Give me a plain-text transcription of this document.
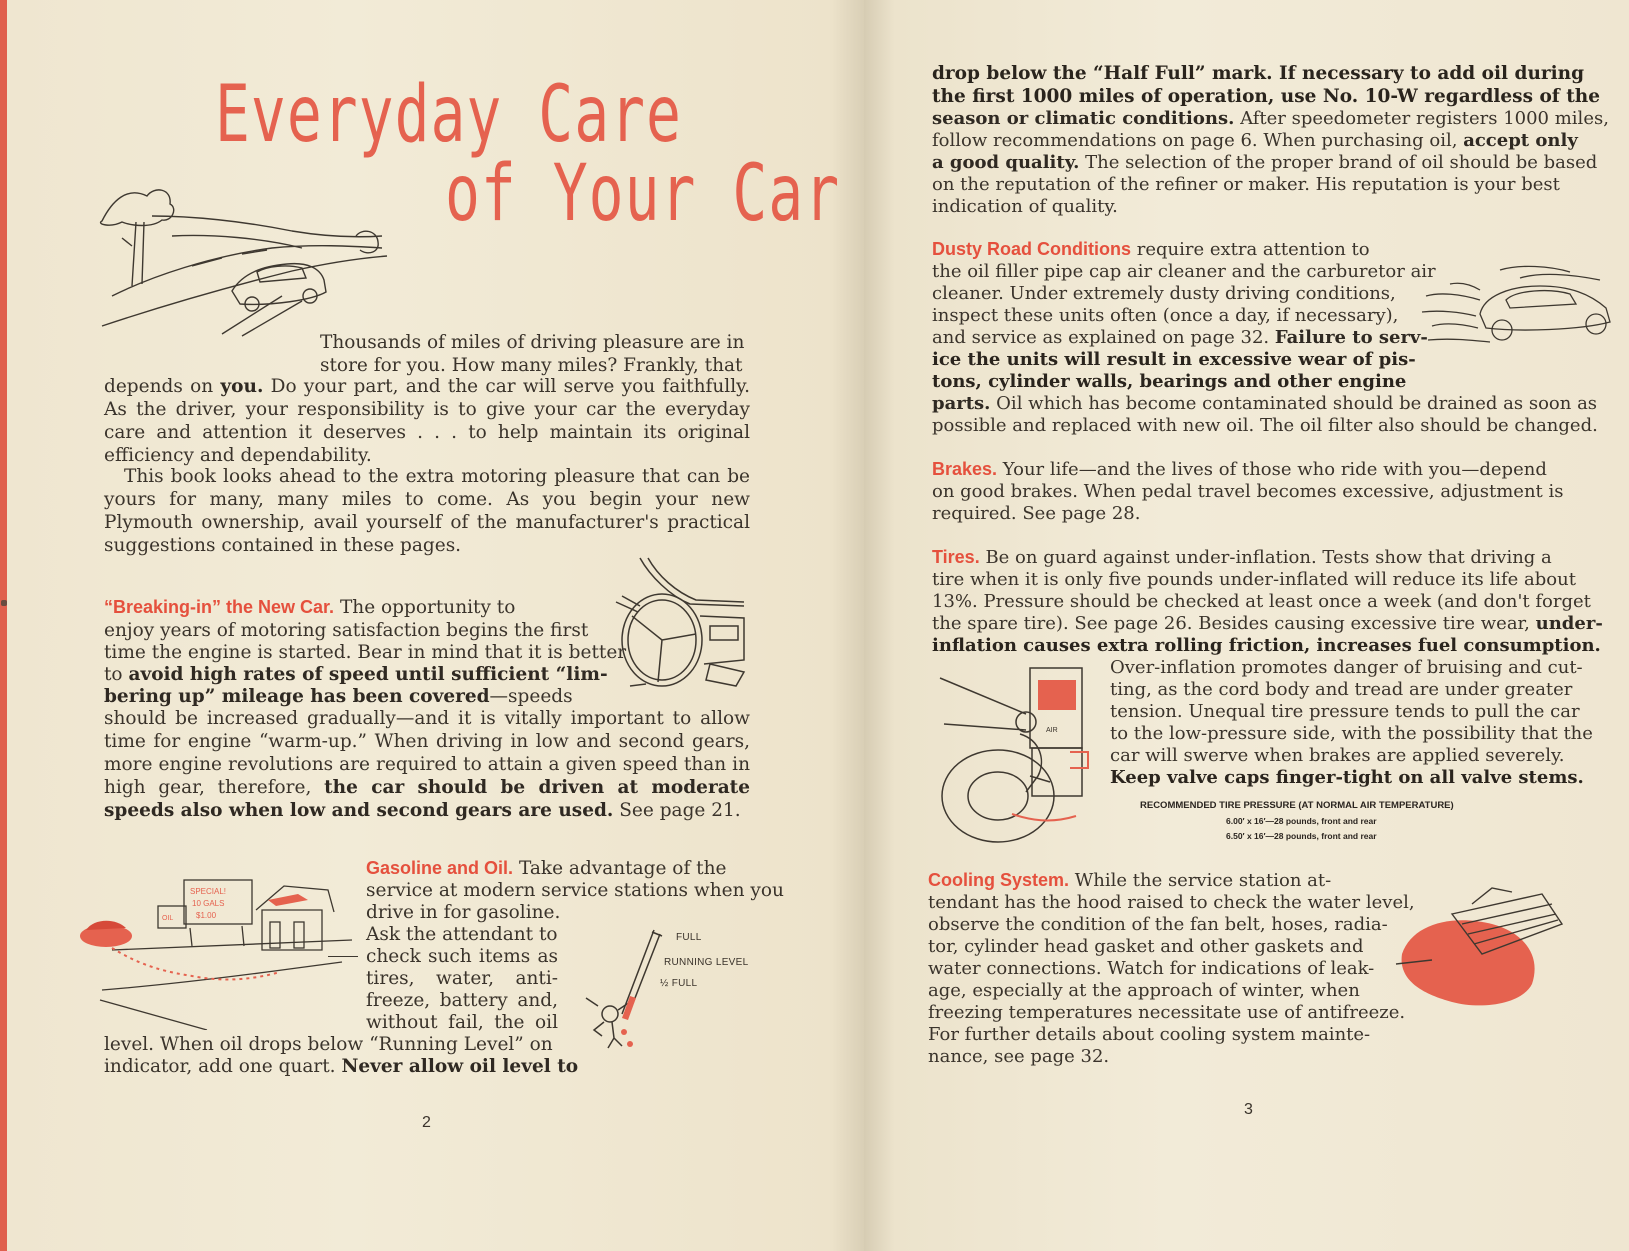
Everyday Care
of Your Car

Thousands of miles of driving pleasure are in

store for you. How many miles? Frankly, that

depends on you. Do your part, and the car will serve you faithfully. As the driver, your responsibility is to give your car the everyday care and attention it deserves . . . to help maintain its original efficiency and dependability.

This book looks ahead to the extra motoring pleasure that can be yours for many, many miles to come. As you begin your new Plymouth ownership, avail yourself of the manufacturer's practical suggestions contained in these pages.

“Breaking-in” the New Car. The opportunity to

enjoy years of motoring satisfaction begins the first

time the engine is started. Bear in mind that it is better

to avoid high rates of speed until sufficient “lim-

bering up” mileage has been covered—speeds

should be increased gradually—and it is vitally important to allow time for engine “warm-up.” When driving in low and second gears, more engine revolutions are required to attain a given speed than in high gear, therefore, the car should be driven at moderate speeds also when low and second gears are used. See page 21.

Gasoline and Oil. Take advantage of the

service at modern service stations when you

drive in for gasoline.

Ask the attendant to

check such items as

tires, water, anti-

freeze, battery and,

without fail, the oil

level. When oil drops below “Running Level” on

indicator, add one quart. Never allow oil level to

SPECIAL!
10 GALS
$1.00
OIL
FULL
RUNNING LEVEL
½ FULL
2

drop below the “Half Full” mark. If necessary to add oil during

the first 1000 miles of operation, use No. 10-W regardless of the

season or climatic conditions. After speedometer registers 1000 miles,

follow recommendations on page 6. When purchasing oil, accept only

a good quality. The selection of the proper brand of oil should be based

on the reputation of the refiner or maker. His reputation is your best

indication of quality.

Dusty Road Conditions require extra attention to

the oil filler pipe cap air cleaner and the carburetor air

cleaner. Under extremely dusty driving conditions,

inspect these units often (once a day, if necessary),

and service as explained on page 32. Failure to serv-

ice the units will result in excessive wear of pis-

tons, cylinder walls, bearings and other engine

parts. Oil which has become contaminated should be drained as soon as

possible and replaced with new oil. The oil filter also should be changed.

Brakes. Your life—and the lives of those who ride with you—depend

on good brakes. When pedal travel becomes excessive, adjustment is

required. See page 28.

Tires. Be on guard against under-inflation. Tests show that driving a

tire when it is only five pounds under-inflated will reduce its life about

13%. Pressure should be checked at least once a week (and don't forget

the spare tire). See page 26. Besides causing excessive tire wear, under-

inflation causes extra rolling friction, increases fuel consumption.

Over-inflation promotes danger of bruising and cut-

ting, as the cord body and tread are under greater

tension. Unequal tire pressure tends to pull the car

to the low-pressure side, with the possibility that the

car will swerve when brakes are applied severely.

Keep valve caps finger-tight on all valve stems.

RECOMMENDED TIRE PRESSURE (AT NORMAL AIR TEMPERATURE)
6.00′ x 16′—28 pounds, front and rear
6.50′ x 16′—28 pounds, front and rear
AIR

Cooling System. While the service station at-

tendant has the hood raised to check the water level,

observe the condition of the fan belt, hoses, radia-

tor, cylinder head gasket and other gaskets and

water connections. Watch for indications of leak-

age, especially at the approach of winter, when

freezing temperatures necessitate use of antifreeze.

For further details about cooling system mainte-

nance, see page 32.

3
